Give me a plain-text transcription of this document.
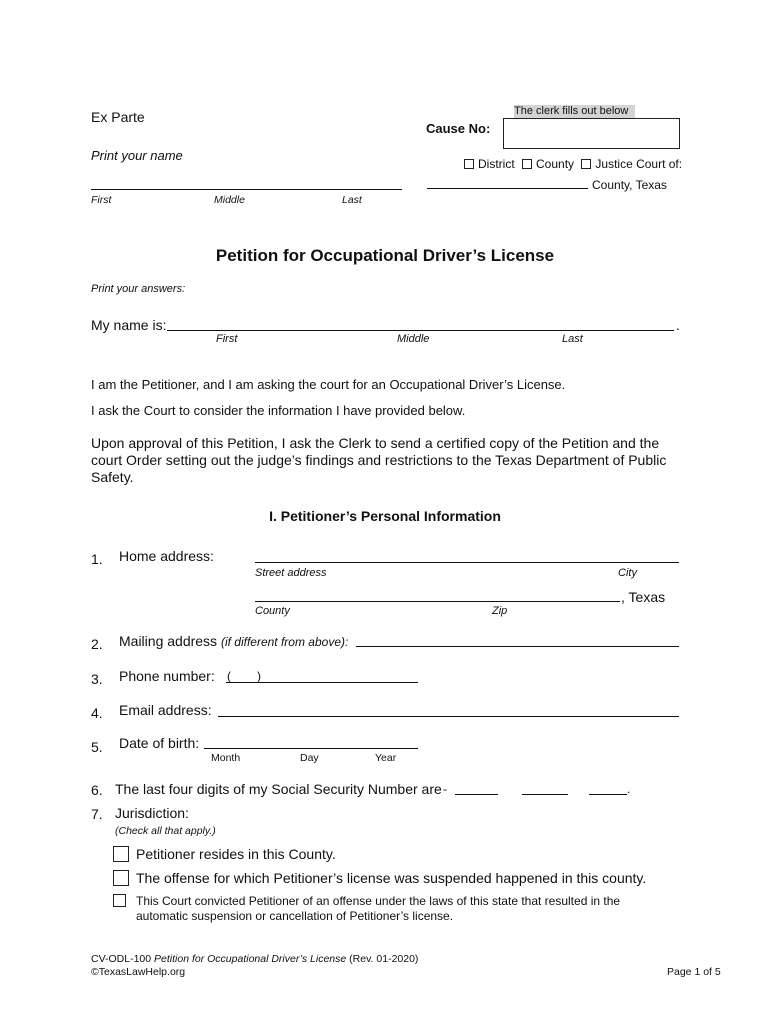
Ex Parte
Print your name
First	Middle	Last
The clerk fills out below
Cause No:
District County Justice Court of:
County, Texas
Petition for Occupational Driver’s License
Print your answers:
My name is:	.
First	Middle	Last
I am the Petitioner, and I am asking the court for an Occupational Driver’s License.
I ask the Court to consider the information I have provided below.
Upon approval of this Petition, I ask the Clerk to send a certified copy of the Petition and the
court Order setting out the judge’s findings and restrictions to the Texas Department of Public
Safety.
I. Petitioner’s Personal Information
1. Home address:
Street address	City
, Texas
County	Zip
2. Mailing address (if different from above):
3. Phone number: ( )
4. Email address:
5. Date of birth:
Month	Day	Year
6. The last four digits of my Social Security Number are -	.
7. Jurisdiction:
(Check all that apply.)
Petitioner resides in this County.
The offense for which Petitioner’s license was suspended happened in this county.
This Court convicted Petitioner of an offense under the laws of this state that resulted in the
automatic suspension or cancellation of Petitioner’s license.
CV-ODL-100 Petition for Occupational Driver’s License (Rev. 01-2020)
©TexasLawHelp.org	Page 1 of 5
